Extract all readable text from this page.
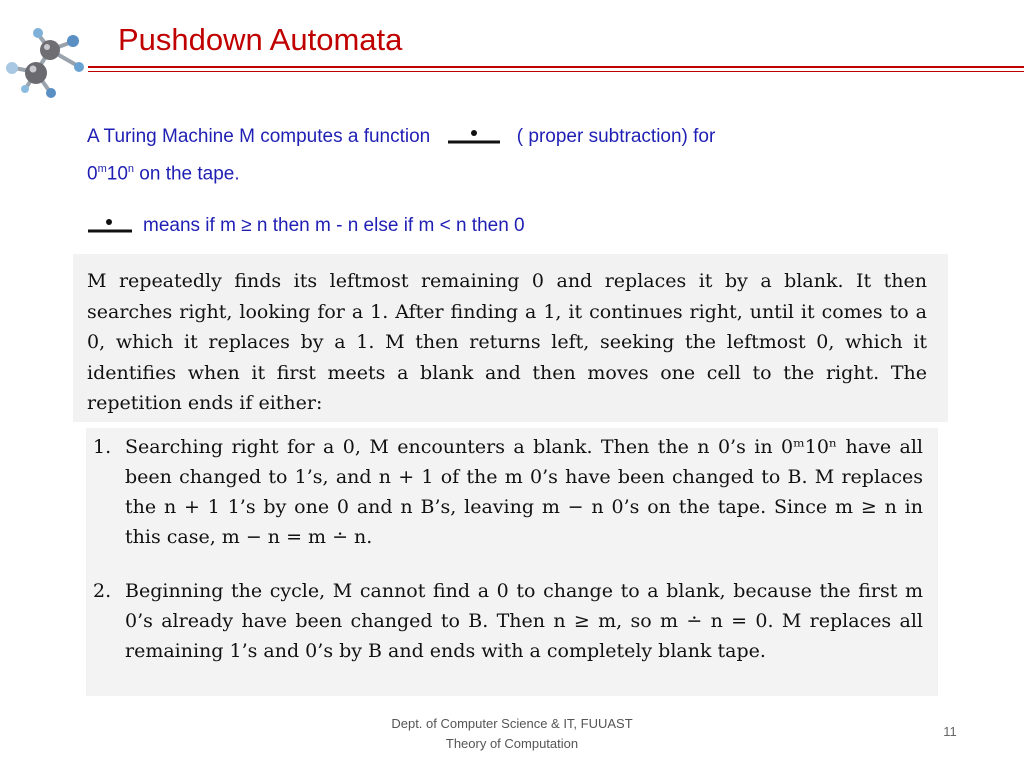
Pushdown Automata
A Turing Machine M computes a function	( proper subtraction) for
0$^m$10$^n$ on the tape.
means if m ≥ n then m - n else if m < n then 0
M repeatedly finds its leftmost remaining 0 and replaces it by a blank. It then searches right, looking for a 1. After finding a 1, it continues right, until it comes to a 0, which it replaces by a 1. M then returns left, seeking the leftmost 0, which it identifies when it first meets a blank and then moves one cell to the right. The repetition ends if either:
1. Searching right for a 0, M encounters a blank. Then the n 0’s in 0ᵐ10ⁿ have all been changed to 1’s, and n + 1 of the m 0’s have been changed to B. M replaces the n + 1 1’s by one 0 and n B’s, leaving m − n 0’s on the tape. Since m ≥ n in this case, m − n = m ∸ n.
2. Beginning the cycle, M cannot find a 0 to change to a blank, because the first m 0’s already have been changed to B. Then n ≥ m, so m ∸ n = 0. M replaces all remaining 1’s and 0’s by B and ends with a completely blank tape.
Dept. of Computer Science & IT, FUUAST
Theory of Computation
11
